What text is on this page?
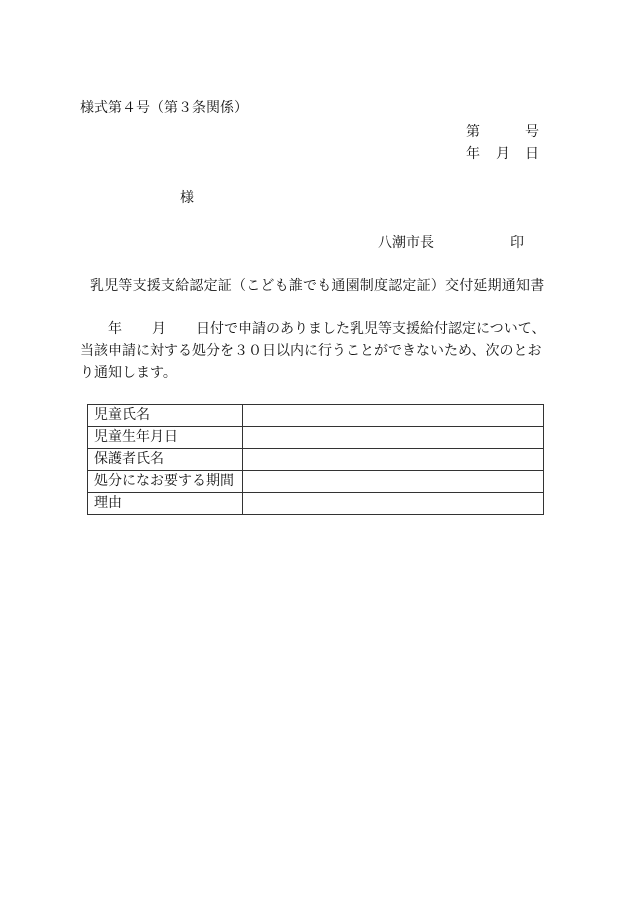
様式第４号（第３条関係）
第	号
年 月 日
様
八潮市長	印
乳児等支援支給認定証（こども誰でも通園制度認定証）交付延期通知書
年 月 日付で申請のありました乳児等支援給付認定について、
当該申請に対する処分を３０日以内に行うことができないため、次のとお
り通知します。
児童氏名	
児童生年月日	
保護者氏名	
処分になお要する期間	
理由	
